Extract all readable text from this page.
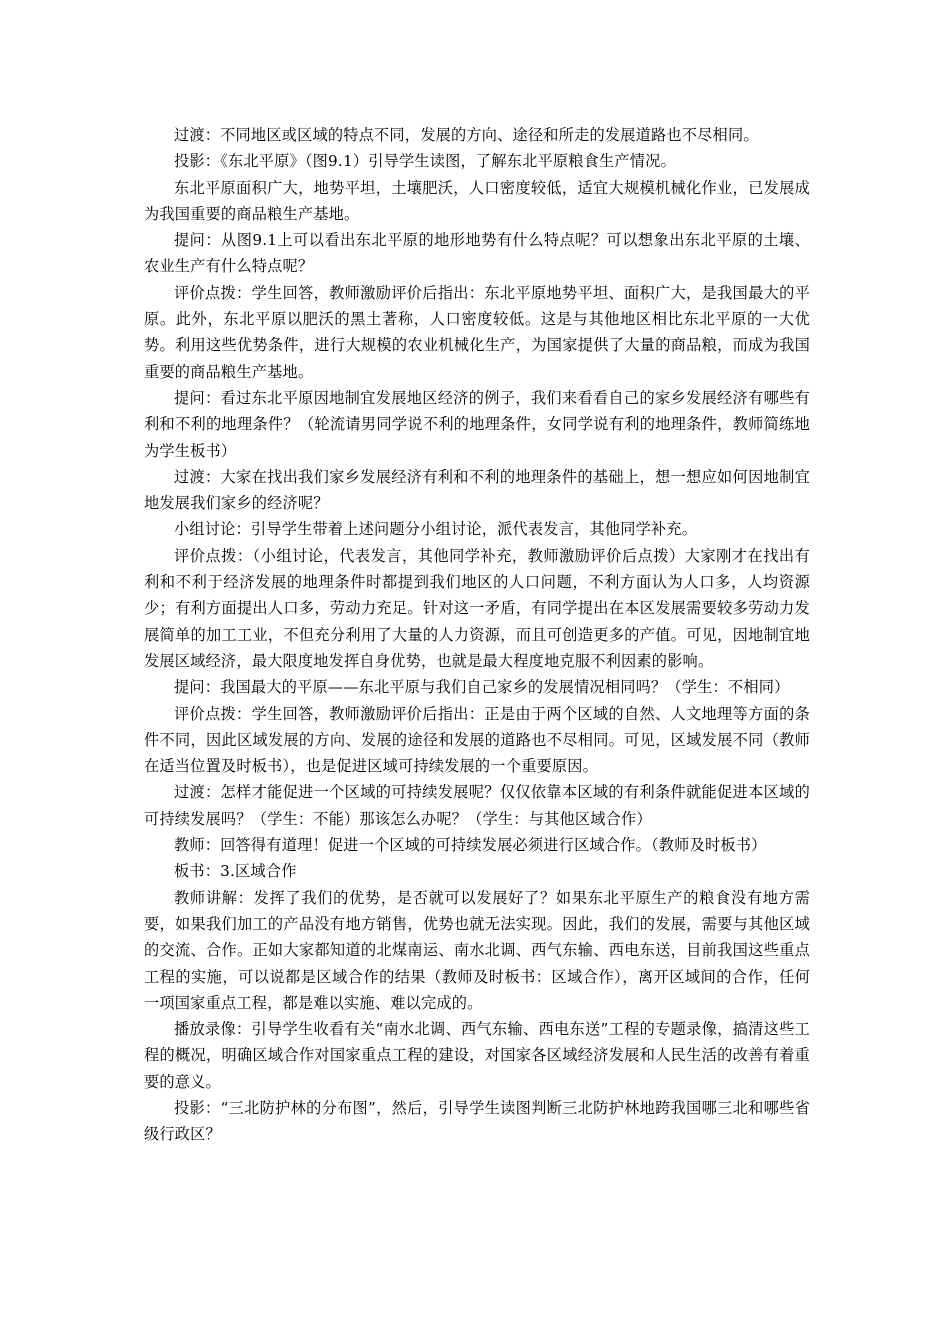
过渡：不同地区或区域的特点不同，发展的方向、途径和所走的发展道路也不尽相同。

投影：《东北平原》（图9.1）引导学生读图，了解东北平原粮食生产情况。

东北平原面积广大，地势平坦，土壤肥沃，人口密度较低，适宜大规模机械化作业，已发展成为我国重要的商品粮生产基地。

提问：从图9.1上可以看出东北平原的地形地势有什么特点呢？可以想象出东北平原的土壤、农业生产有什么特点呢？

评价点拨：学生回答，教师激励评价后指出：东北平原地势平坦、面积广大，是我国最大的平原。此外，东北平原以肥沃的黑土著称，人口密度较低。这是与其他地区相比东北平原的一大优势。利用这些优势条件，进行大规模的农业机械化生产，为国家提供了大量的商品粮，而成为我国重要的商品粮生产基地。

提问：看过东北平原因地制宜发展地区经济的例子，我们来看看自己的家乡发展经济有哪些有利和不利的地理条件？（轮流请男同学说不利的地理条件，女同学说有利的地理条件，教师简练地为学生板书）

过渡：大家在找出我们家乡发展经济有利和不利的地理条件的基础上，想一想应如何因地制宜地发展我们家乡的经济呢？

小组讨论：引导学生带着上述问题分小组讨论，派代表发言，其他同学补充。

评价点拨：（小组讨论，代表发言，其他同学补充，教师激励评价后点拨）大家刚才在找出有利和不利于经济发展的地理条件时都提到我们地区的人口问题，不利方面认为人口多，人均资源少；有利方面提出人口多，劳动力充足。针对这一矛盾，有同学提出在本区发展需要较多劳动力发展简单的加工工业，不但充分利用了大量的人力资源，而且可创造更多的产值。可见，因地制宜地发展区域经济，最大限度地发挥自身优势，也就是最大程度地克服不利因素的影响。

提问：我国最大的平原——东北平原与我们自己家乡的发展情况相同吗？（学生：不相同）

评价点拨：学生回答，教师激励评价后指出：正是由于两个区域的自然、人文地理等方面的条件不同，因此区域发展的方向、发展的途径和发展的道路也不尽相同。可见，区域发展不同（教师在适当位置及时板书），也是促进区域可持续发展的一个重要原因。

过渡：怎样才能促进一个区域的可持续发展呢？仅仅依靠本区域的有利条件就能促进本区域的可持续发展吗？（学生：不能）那该怎么办呢？（学生：与其他区域合作）

教师：回答得有道理！促进一个区域的可持续发展必须进行区域合作。（教师及时板书）

板书：3.区域合作

教师讲解：发挥了我们的优势，是否就可以发展好了？如果东北平原生产的粮食没有地方需要，如果我们加工的产品没有地方销售，优势也就无法实现。因此，我们的发展，需要与其他区域的交流、合作。正如大家都知道的北煤南运、南水北调、西气东输、西电东送，目前我国这些重点工程的实施，可以说都是区域合作的结果（教师及时板书：区域合作），离开区域间的合作，任何一项国家重点工程，都是难以实施、难以完成的。

播放录像：引导学生收看有关“南水北调、西气东输、西电东送”工程的专题录像，搞清这些工程的概况，明确区域合作对国家重点工程的建设，对国家各区域经济发展和人民生活的改善有着重要的意义。

投影：“三北防护林的分布图”，然后，引导学生读图判断三北防护林地跨我国哪三北和哪些省级行政区？
